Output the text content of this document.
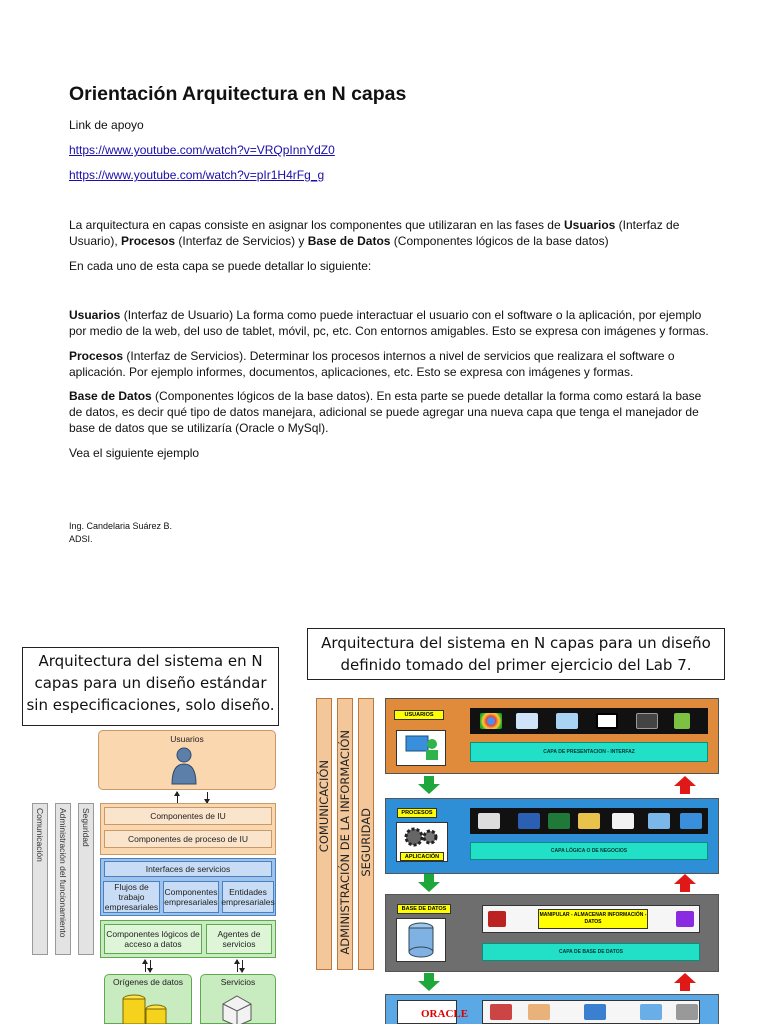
Orientación Arquitectura en N capas
Link de apoyo
https://www.youtube.com/watch?v=VRQpInnYdZ0
https://www.youtube.com/watch?v=pIr1H4rFg_g
La arquitectura en capas consiste en asignar los componentes que utilizaran en las fases de Usuarios (Interfaz de Usuario), Procesos (Interfaz de Servicios) y Base de Datos (Componentes lógicos de la base datos)
En cada uno de esta capa se puede detallar lo siguiente:
Usuarios (Interfaz de Usuario) La forma como puede interactuar el usuario con el software o la aplicación, por ejemplo por medio de la web, del uso de tablet, móvil, pc, etc. Con entornos amigables. Esto se expresa con imágenes y formas.
Procesos (Interfaz de Servicios). Determinar los procesos internos a nivel de servicios que realizara el software o aplicación. Por ejemplo informes, documentos, aplicaciones, etc. Esto se expresa con imágenes y formas.
Base de Datos (Componentes lógicos de la base datos). En esta parte se puede detallar la forma como estará la base de datos, es decir qué tipo de datos manejara, adicional se puede agregar una nueva capa que tenga el manejador de base de datos que se utilizaría (Oracle o MySql).
Vea el siguiente ejemplo
Ing. Candelaria Suárez B.
ADSI.
Arquitectura del sistema en N capas para un diseño estándar sin especificaciones, solo diseño.
Comunicación Administración del funcionamiento Seguridad
Usuarios
Componentes de IU
Componentes de proceso de IU
Interfaces de servicios
Flujos de trabajo empresariales
Componentes empresariales
Entidades empresariales
Componentes lógicos de acceso a datos
Agentes de servicios
Orígenes de datos	Servicios
Arquitectura del sistema en N capas para un diseño definido tomado del primer ejercicio del Lab 7.
COMUNICACIÓN ADMINISTRACIÓN DE LA INFORMACIÓN SEGURIDAD
USUARIOS
CAPA DE PRESENTACION - INTERFAZ
PROCESOS
APLICACIÓN
CAPA LÓGICA O DE NEGOCIOS
BASE DE DATOS
MANIPULAR - ALMACENAR INFORMACIÓN - DATOS
CAPA DE BASE DE DATOS
ORACLE
